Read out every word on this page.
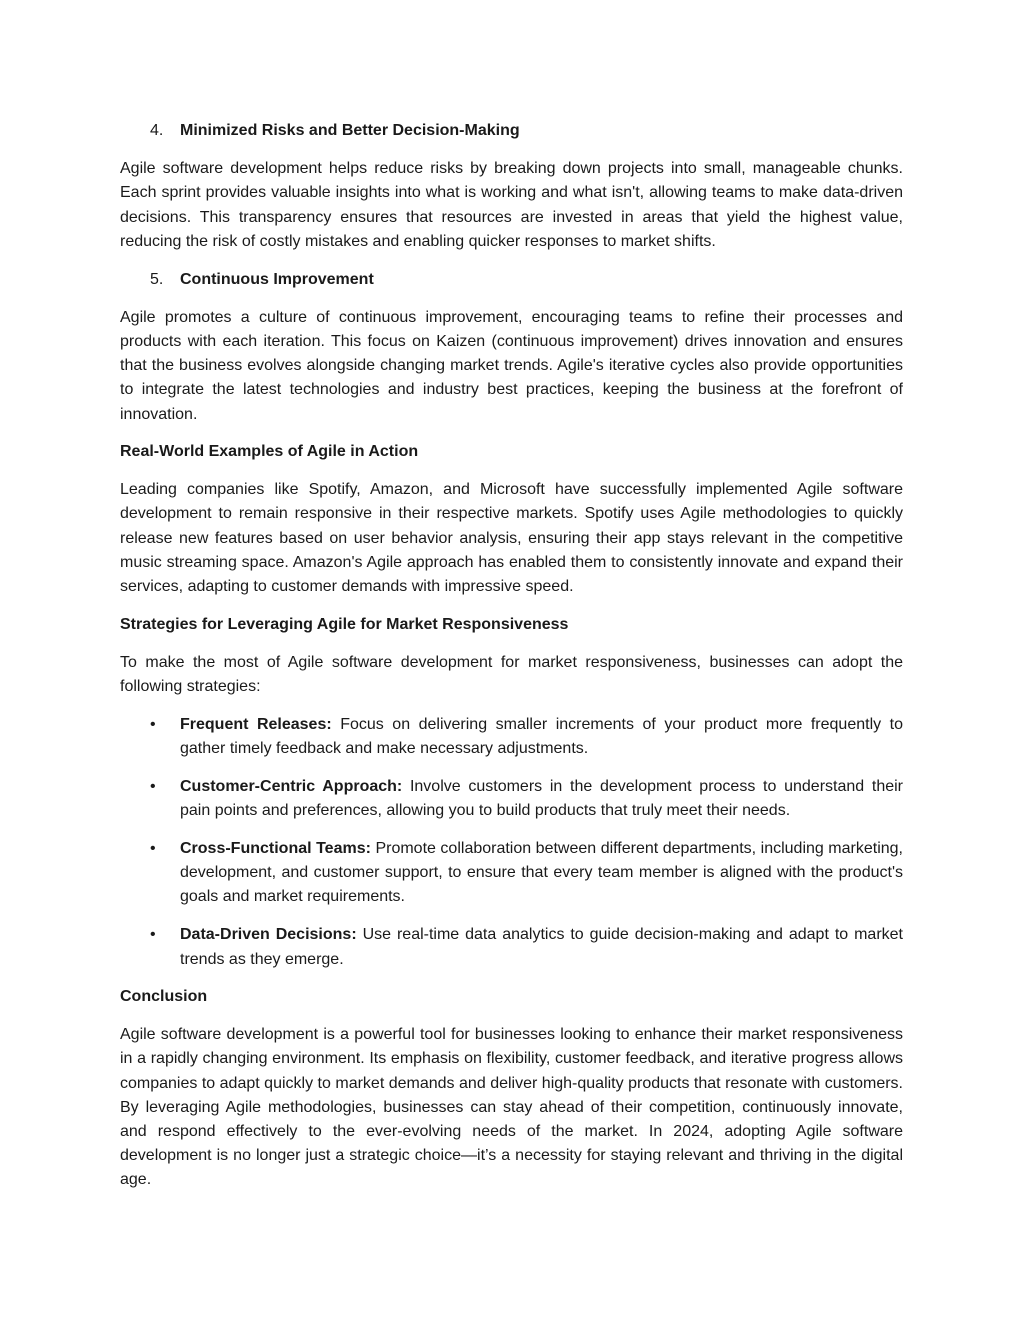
4. Minimized Risks and Better Decision-Making

Agile software development helps reduce risks by breaking down projects into small, manageable chunks. Each sprint provides valuable insights into what is working and what isn't, allowing teams to make data-driven decisions. This transparency ensures that resources are invested in areas that yield the highest value, reducing the risk of costly mistakes and enabling quicker responses to market shifts.

5. Continuous Improvement

Agile promotes a culture of continuous improvement, encouraging teams to refine their processes and products with each iteration. This focus on Kaizen (continuous improvement) drives innovation and ensures that the business evolves alongside changing market trends. Agile's iterative cycles also provide opportunities to integrate the latest technologies and industry best practices, keeping the business at the forefront of innovation.

Real-World Examples of Agile in Action

Leading companies like Spotify, Amazon, and Microsoft have successfully implemented Agile software development to remain responsive in their respective markets. Spotify uses Agile methodologies to quickly release new features based on user behavior analysis, ensuring their app stays relevant in the competitive music streaming space. Amazon's Agile approach has enabled them to consistently innovate and expand their services, adapting to customer demands with impressive speed.

Strategies for Leveraging Agile for Market Responsiveness

To make the most of Agile software development for market responsiveness, businesses can adopt the following strategies:

• Frequent Releases: Focus on delivering smaller increments of your product more frequently to gather timely feedback and make necessary adjustments.
• Customer-Centric Approach: Involve customers in the development process to understand their pain points and preferences, allowing you to build products that truly meet their needs.
• Cross-Functional Teams: Promote collaboration between different departments, including marketing, development, and customer support, to ensure that every team member is aligned with the product's goals and market requirements.
• Data-Driven Decisions: Use real-time data analytics to guide decision-making and adapt to market trends as they emerge.
Conclusion

Agile software development is a powerful tool for businesses looking to enhance their market responsiveness in a rapidly changing environment. Its emphasis on flexibility, customer feedback, and iterative progress allows companies to adapt quickly to market demands and deliver high-quality products that resonate with customers. By leveraging Agile methodologies, businesses can stay ahead of their competition, continuously innovate, and respond effectively to the ever-evolving needs of the market. In 2024, adopting Agile software development is no longer just a strategic choice—it’s a necessity for staying relevant and thriving in the digital age.
